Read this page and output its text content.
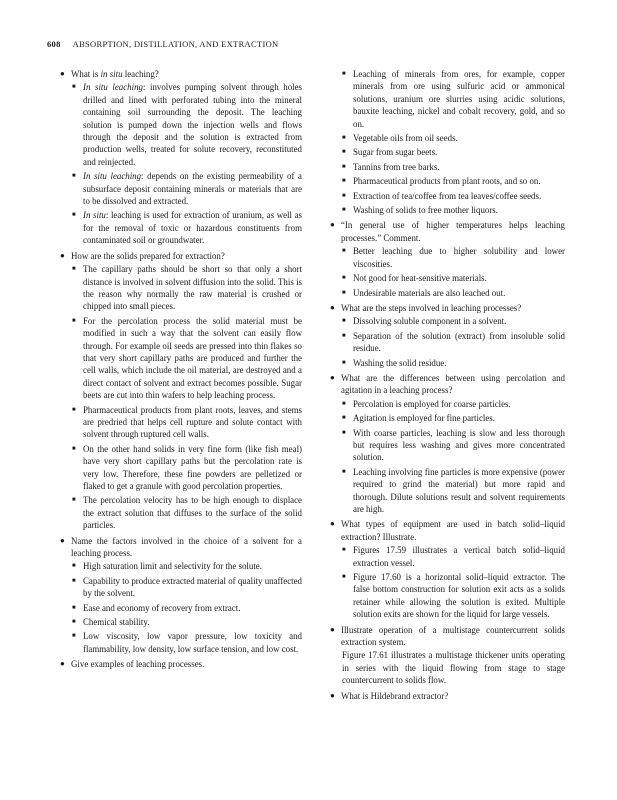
608 ABSORPTION, DISTILLATION, AND EXTRACTION
● What is in situ leaching?
■ In situ leaching: involves pumping solvent through holes drilled and lined with perforated tubing into the mineral containing soil surrounding the deposit. The leaching solution is pumped down the injection wells and flows through the deposit and the solution is extracted from production wells, treated for solute recovery, reconstituted and reinjected.
■ In situ leaching: depends on the existing permeability of a subsurface deposit containing minerals or materials that are to be dissolved and extracted.
■ In situ: leaching is used for extraction of uranium, as well as for the removal of toxic or hazardous constituents from contaminated soil or groundwater.
● How are the solids prepared for extraction?
■ The capillary paths should be short so that only a short distance is involved in solvent diffusion into the solid. This is the reason why normally the raw material is crushed or chipped into small pieces.
■ For the percolation process the solid material must be modified in such a way that the solvent can easily flow through. For example oil seeds are pressed into thin flakes so that very short capillary paths are produced and further the cell walls, which include the oil material, are destroyed and a direct contact of solvent and extract becomes possible. Sugar beets are cut into thin wafers to help leaching process.
■ Pharmaceutical products from plant roots, leaves, and stems are predried that helps cell rupture and solute contact with solvent through ruptured cell walls.
■ On the other hand solids in very fine form (like fish meal) have very short capillary paths but the percolation rate is very low. Therefore, these fine powders are pelletized or flaked to get a granule with good percolation properties.
■ The percolation velocity has to be high enough to displace the extract solution that diffuses to the surface of the solid particles.
● Name the factors involved in the choice of a solvent for a leaching process.
■ High saturation limit and selectivity for the solute.
■ Capability to produce extracted material of quality unaffected by the solvent.
■ Ease and economy of recovery from extract.
■ Chemical stability.
■ Low viscosity, low vapor pressure, low toxicity and flammability, low density, low surface tension, and low cost.
● Give examples of leaching processes.
■ Leaching of minerals from ores, for example, copper minerals from ore using sulfuric acid or ammonical solutions, uranium ore slurries using acidic solutions, bauxite leaching, nickel and cobalt recovery, gold, and so on.
■ Vegetable oils from oil seeds.
■ Sugar from sugar beets.
■ Tannins from tree barks.
■ Pharmaceutical products from plant roots, and so on.
■ Extraction of tea/coffee from tea leaves/coffee seeds.
■ Washing of solids to free mother liquors.
● “In general use of higher temperatures helps leaching processes.” Comment.
■ Better leaching due to higher solubility and lower viscosities.
■ Not good for heat-sensitive materials.
■ Undesirable materials are also leached out.
● What are the steps involved in leaching processes?
■ Dissolving soluble component in a solvent.
■ Separation of the solution (extract) from insoluble solid residue.
■ Washing the solid residue.
● What are the differences between using percolation and agitation in a leaching process?
■ Percolation is employed for coarse particles.
■ Agitation is employed for fine particles.
■ With coarse particles, leaching is slow and less thorough but requires less washing and gives more concentrated solution.
■ Leaching involving fine particles is more expensive (power required to grind the material) but more rapid and thorough. Dilute solutions result and solvent requirements are high.
● What types of equipment are used in batch solid–liquid extraction? Illustrate.
■ Figures 17.59 illustrates a vertical batch solid–liquid extraction vessel.
■ Figure 17.60 is a horizontal solid–liquid extractor. The false bottom construction for solution exit acts as a solids retainer while allowing the solution is exited. Multiple solution exits are shown for the liquid for large vessels.
● Illustrate operation of a multistage countercurrent solids extraction system.
Figure 17.61 illustrates a multistage thickener units operating in series with the liquid flowing from stage to stage countercurrent to solids flow.
● What is Hildebrand extractor?
